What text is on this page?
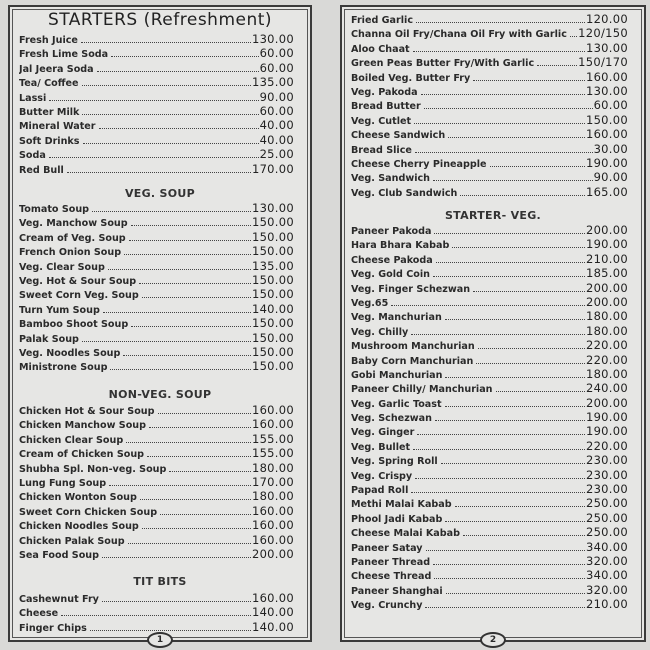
STARTERS (Refreshment)
Fresh Juice	130.00
Fresh Lime Soda	60.00
Jal Jeera Soda	60.00
Tea/ Coffee	135.00
Lassi	90.00
Butter Milk	60.00
Mineral Water	40.00
Soft Drinks	40.00
Soda	25.00
Red Bull	170.00
VEG. SOUP
Tomato Soup	130.00
Veg. Manchow Soup	150.00
Cream of Veg. Soup	150.00
French Onion Soup	150.00
Veg. Clear Soup	135.00
Veg. Hot & Sour Soup	150.00
Sweet Corn Veg. Soup	150.00
Turn Yum Soup	140.00
Bamboo Shoot Soup	150.00
Palak Soup	150.00
Veg. Noodles Soup	150.00
Ministrone Soup	150.00
NON-VEG. SOUP
Chicken Hot & Sour Soup	160.00
Chicken Manchow Soup	160.00
Chicken Clear Soup	155.00
Cream of Chicken Soup	155.00
Shubha Spl. Non-veg. Soup	180.00
Lung Fung Soup	170.00
Chicken Wonton Soup	180.00
Sweet Corn Chicken Soup	160.00
Chicken Noodles Soup	160.00
Chicken Palak Soup	160.00
Sea Food Soup	200.00
TIT BITS
Cashewnut Fry	160.00
Cheese	140.00
Finger Chips	140.00
1
Fried Garlic	120.00
Channa Oil Fry/Chana Oil Fry with Garlic 120/150
Aloo Chaat	130.00
Green Peas Butter Fry/With Garlic	150/170
Boiled Veg. Butter Fry	160.00
Veg. Pakoda	130.00
Bread Butter	60.00
Veg. Cutlet	150.00
Cheese Sandwich	160.00
Bread Slice	30.00
Cheese Cherry Pineapple	190.00
Veg. Sandwich	90.00
Veg. Club Sandwich	165.00
STARTER- VEG.
Paneer Pakoda	200.00
Hara Bhara Kabab	190.00
Cheese Pakoda	210.00
Veg. Gold Coin	185.00
Veg. Finger Schezwan	200.00
Veg.65	200.00
Veg. Manchurian	180.00
Veg. Chilly	180.00
Mushroom Manchurian	220.00
Baby Corn Manchurian	220.00
Gobi Manchurian	180.00
Paneer Chilly/ Manchurian	240.00
Veg. Garlic Toast	200.00
Veg. Schezwan	190.00
Veg. Ginger	190.00
Veg. Bullet	220.00
Veg. Spring Roll	230.00
Veg. Crispy	230.00
Papad Roll	230.00
Methi Malai Kabab	250.00
Phool Jadi Kabab	250.00
Cheese Malai Kabab	250.00
Paneer Satay	340.00
Paneer Thread	320.00
Cheese Thread	340.00
Paneer Shanghai	320.00
Veg. Crunchy	210.00
2
